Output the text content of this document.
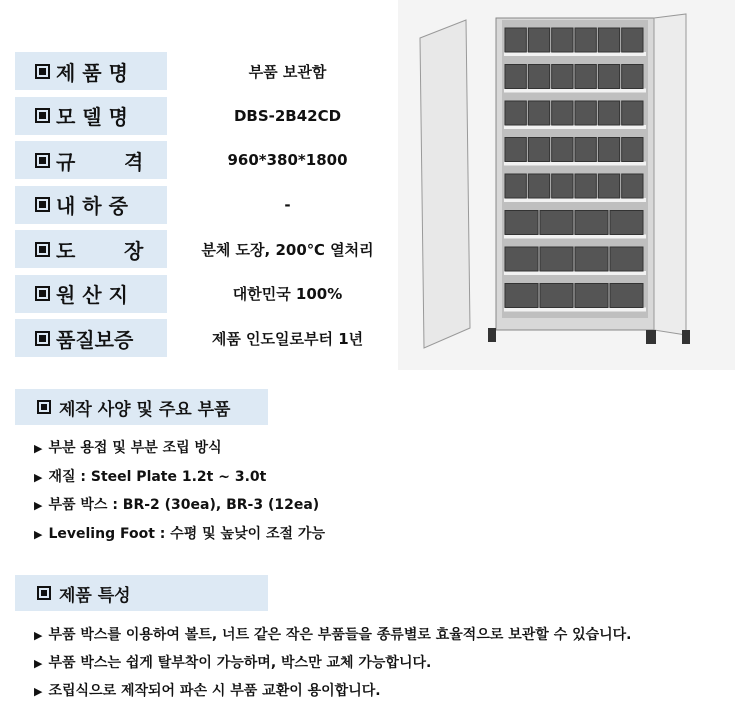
제 품 명	부품 보관함
모 델 명	DBS-2B42CD
규       격	960*380*1800
내 하 중	-
도       장	분체 도장, 200℃ 열처리
원 산 지	대한민국 100%
품질보증	제품 인도일로부터 1년
제작 사양 및 주요 부품
▶ 부분 용접 및 부분 조립 방식
▶ 재질 : Steel Plate 1.2t ~ 3.0t
▶ 부품 박스 : BR-2 (30ea), BR-3 (12ea)
▶ Leveling Foot : 수평 및 높낮이 조절 가능
제품 특성
▶ 부품 박스를 이용하여 볼트, 너트 같은 작은 부품들을 종류별로 효율적으로 보관할 수 있습니다.
▶ 부품 박스는 쉽게 탈부착이 가능하며, 박스만 교체 가능합니다.
▶ 조립식으로 제작되어 파손 시 부품 교환이 용이합니다.
